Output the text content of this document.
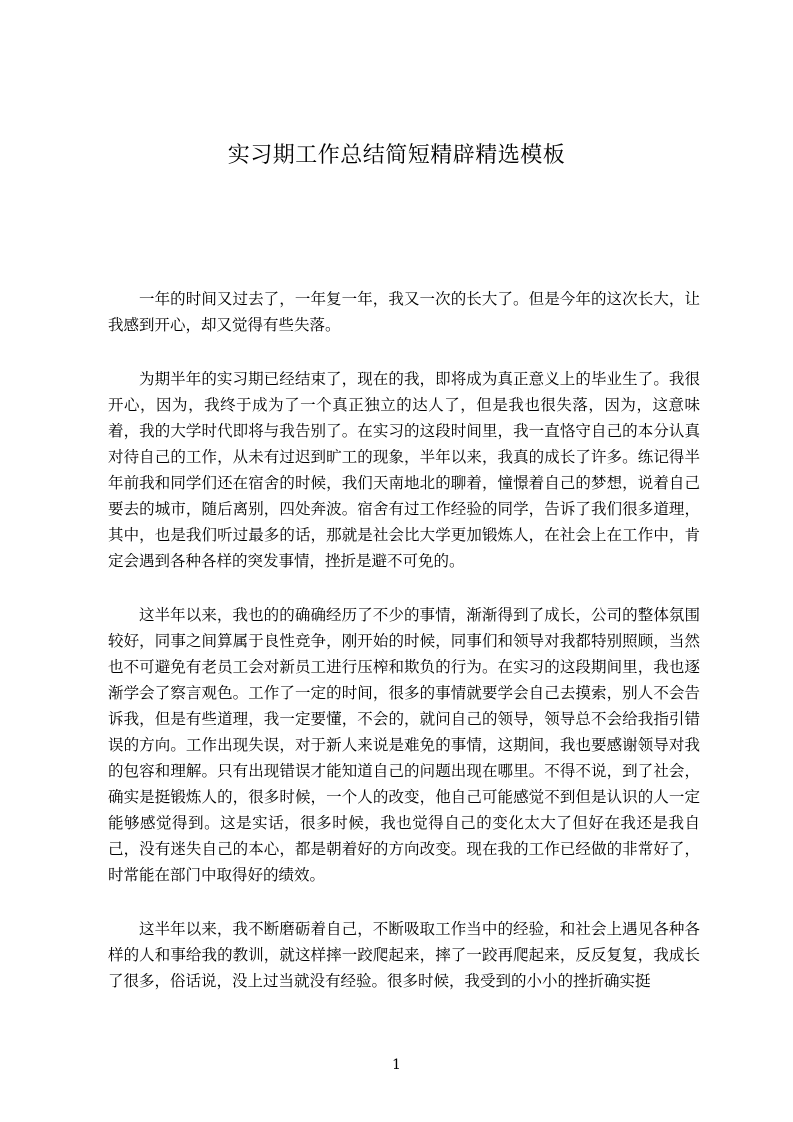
实习期工作总结简短精辟精选模板

一年的时间又过去了，一年复一年，我又一次的长大了。但是今年的这次长大，让我感到开心，却又觉得有些失落。

为期半年的实习期已经结束了，现在的我，即将成为真正意义上的毕业生了。我很开心，因为，我终于成为了一个真正独立的达人了，但是我也很失落，因为，这意味着，我的大学时代即将与我告别了。在实习的这段时间里，我一直恪守自己的本分认真对待自己的工作，从未有过迟到旷工的现象，半年以来，我真的成长了许多。练记得半年前我和同学们还在宿舍的时候，我们天南地北的聊着，憧憬着自己的梦想，说着自己要去的城市，随后离别，四处奔波。宿舍有过工作经验的同学，告诉了我们很多道理，其中，也是我们听过最多的话，那就是社会比大学更加锻炼人，在社会上在工作中，肯定会遇到各种各样的突发事情，挫折是避不可免的。

这半年以来，我也的的确确经历了不少的事情，渐渐得到了成长，公司的整体氛围较好，同事之间算属于良性竞争，刚开始的时候，同事们和领导对我都特别照顾，当然也不可避免有老员工会对新员工进行压榨和欺负的行为。在实习的这段期间里，我也逐渐学会了察言观色。工作了一定的时间，很多的事情就要学会自己去摸索，别人不会告诉我，但是有些道理，我一定要懂，不会的，就问自己的领导，领导总不会给我指引错误的方向。工作出现失误，对于新人来说是难免的事情，这期间，我也要感谢领导对我的包容和理解。只有出现错误才能知道自己的问题出现在哪里。不得不说，到了社会，确实是挺锻炼人的，很多时候，一个人的改变，他自己可能感觉不到但是认识的人一定能够感觉得到。这是实话，很多时候，我也觉得自己的变化太大了但好在我还是我自己，没有迷失自己的本心，都是朝着好的方向改变。现在我的工作已经做的非常好了，时常能在部门中取得好的绩效。

这半年以来，我不断磨砺着自己，不断吸取工作当中的经验，和社会上遇见各种各样的人和事给我的教训，就这样摔一跤爬起来，摔了一跤再爬起来，反反复复，我成长了很多，俗话说，没上过当就没有经验。很多时候，我受到的小小的挫折确实挺

1
